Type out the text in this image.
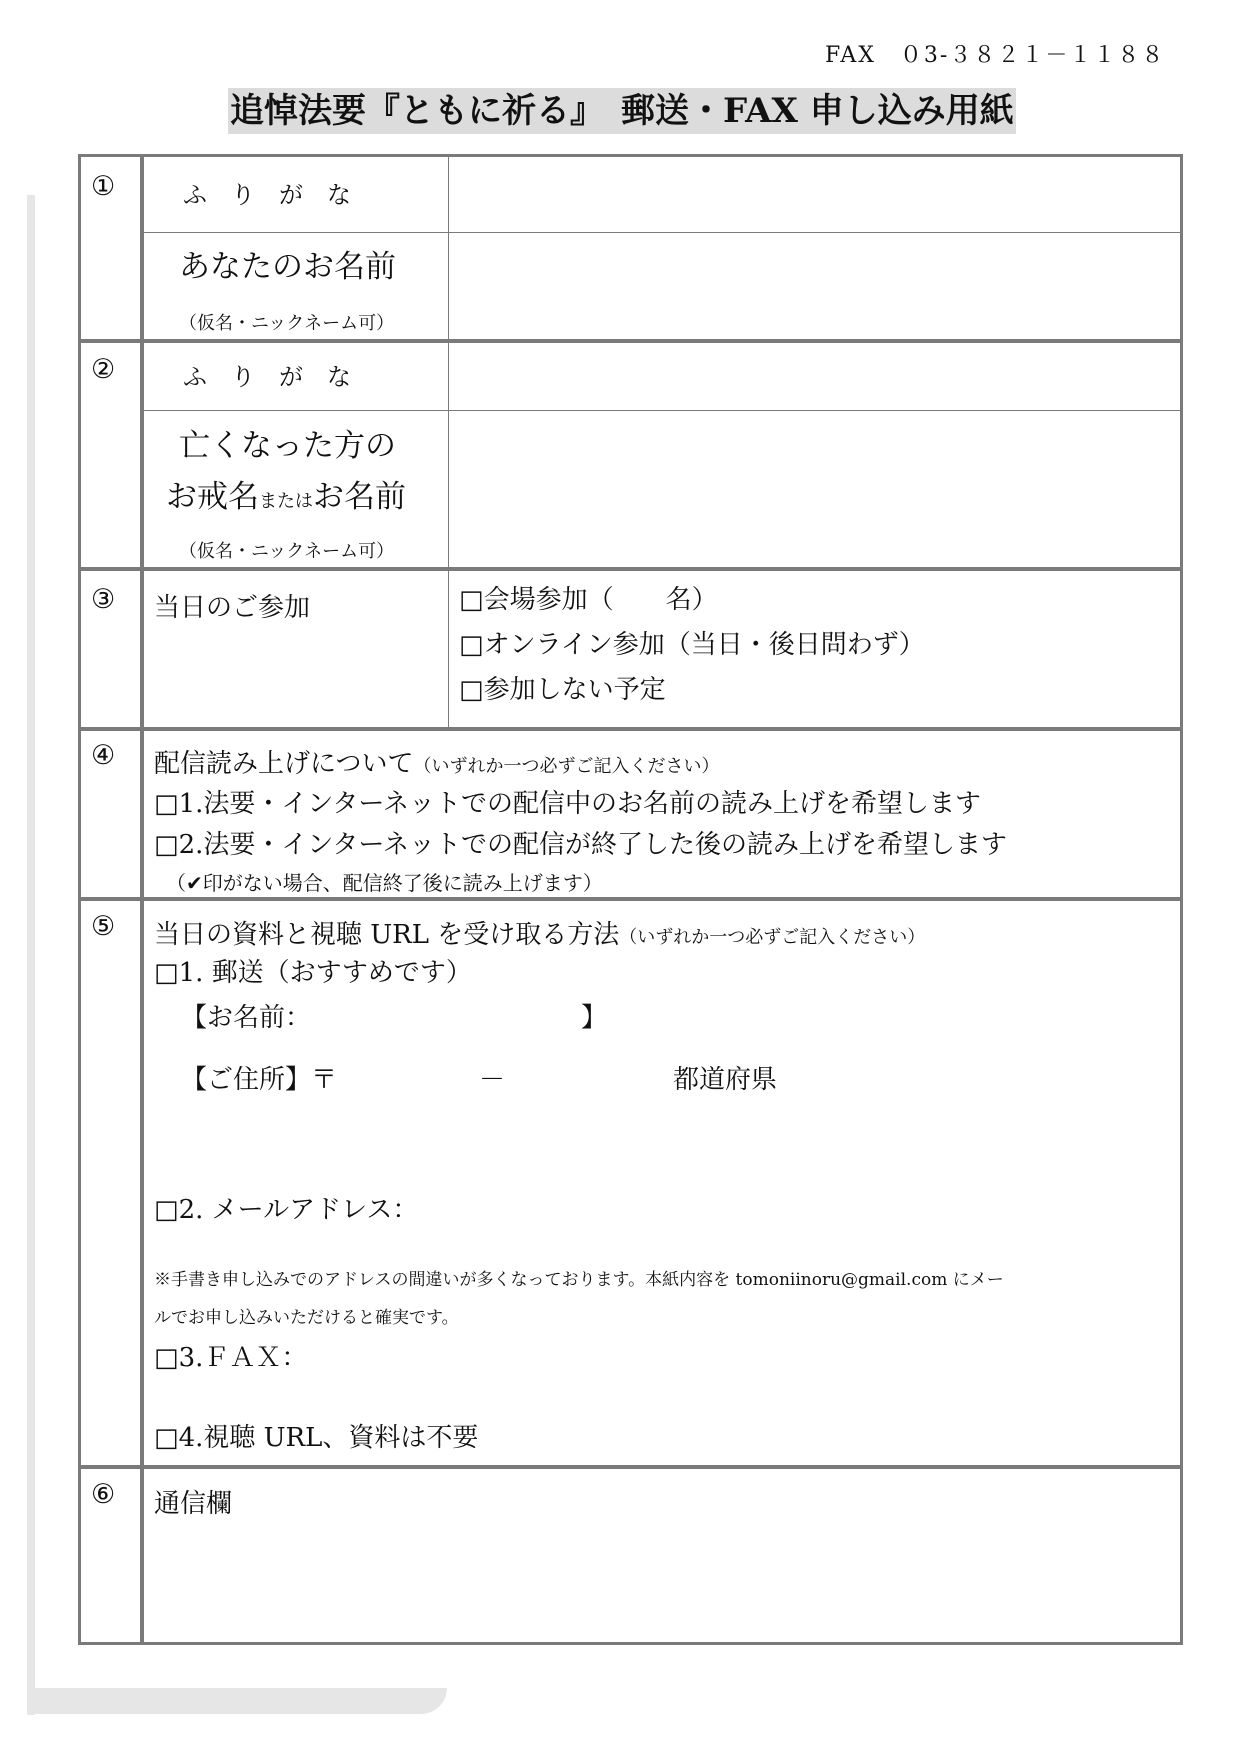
FAX　０3-３８２１－１１８８
追悼法要『ともに祈る』　郵送・FAX 申し込み用紙
①	ふ　り　が　な
あなたのお名前
（仮名・ニックネーム可）
②	ふ　り　が　な
亡くなった方の
お戒名またはお名前
（仮名・ニックネーム可）
③ 当日のご参加	□会場参加（　　名）
□オンライン参加（当日・後日問わず）
□参加しない予定
④ 配信読み上げについて（いずれか一つ必ずご記入ください）
□1.法要・インターネットでの配信中のお名前の読み上げを希望します
□2.法要・インターネットでの配信が終了した後の読み上げを希望します
（✔印がない場合、配信終了後に読み上げます）
⑤ 当日の資料と視聴 URL を受け取る方法（いずれか一つ必ずご記入ください）
□1. 郵送（おすすめです）
【お名前：	】
【ご住所】〒	－	都道府県
□2. メールアドレス：
※手書き申し込みでのアドレスの間違いが多くなっております。本紙内容を tomoniinoru@gmail.com にメー
ルでお申し込みいただけると確実です。
□3.ＦＡＸ：
□4.視聴 URL、資料は不要
⑥ 通信欄
